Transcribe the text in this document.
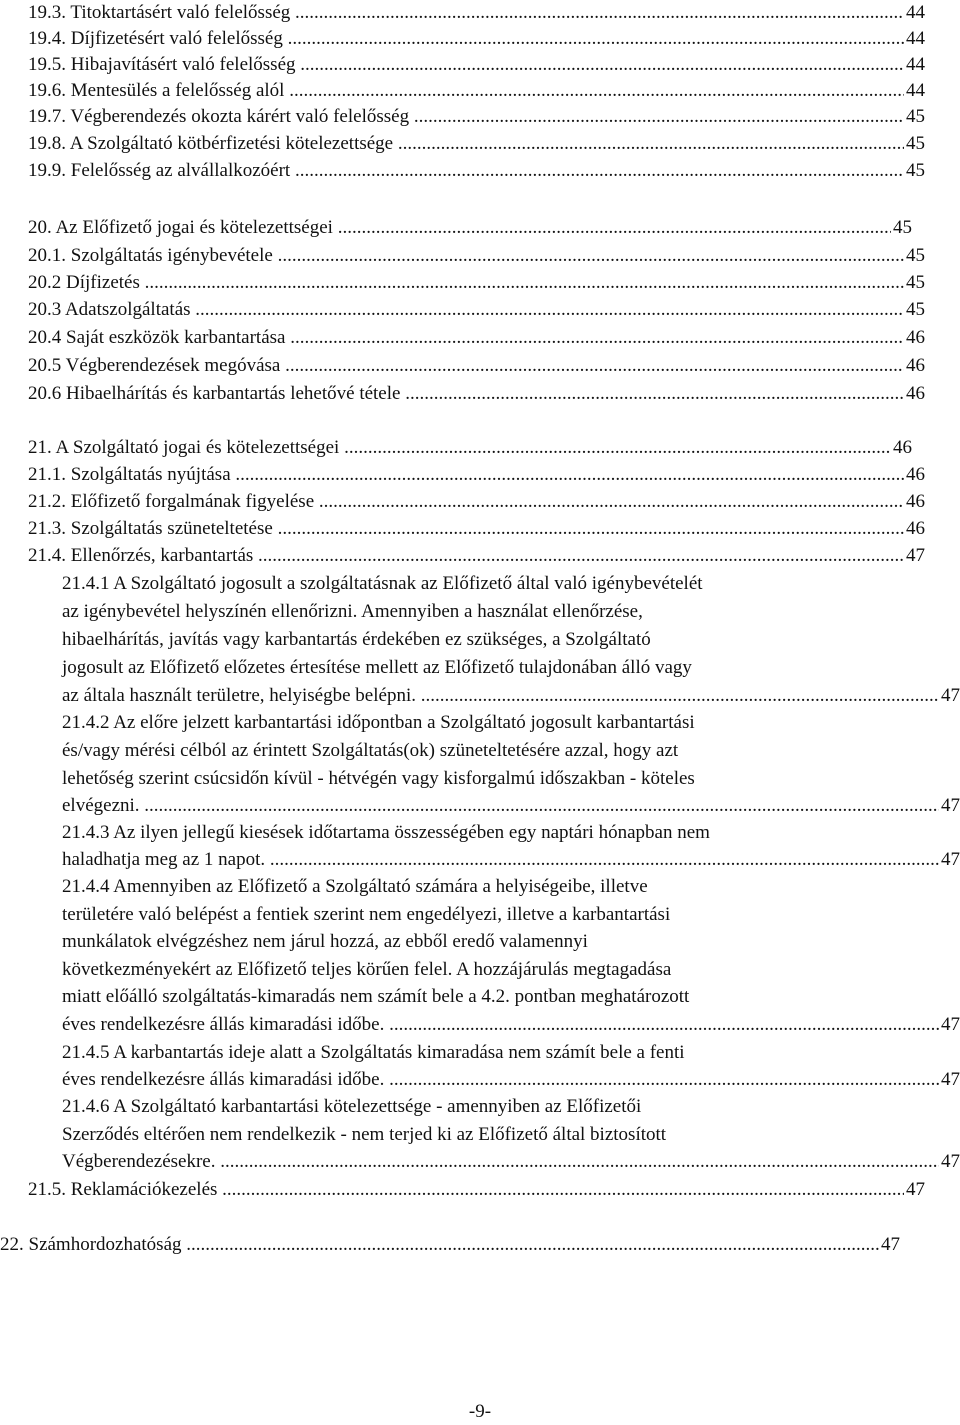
19.3. Titoktartásért való felelősség .....	44
19.4. Díjfizetésért való felelősség .....	44
19.5. Hibajavításért való felelősség .....	44
19.6. Mentesülés a felelősség alól .....	44
19.7. Végberendezés okozta kárért való felelősség .....	45
19.8. A Szolgáltató kötbérfizetési kötelezettsége .....	45
19.9. Felelősség az alvállalkozóért .....	45
20. Az Előfizető jogai és kötelezettségei .....	45
20.1. Szolgáltatás igénybevétele .....	45
20.2 Díjfizetés .....	45
20.3 Adatszolgáltatás .....	45
20.4 Saját eszközök karbantartása .....	46
20.5 Végberendezések megóvása .....	46
20.6 Hibaelhárítás és karbantartás lehetővé tétele .....	46
21. A Szolgáltató jogai és kötelezettségei .....	46
21.1. Szolgáltatás nyújtása .....	46
21.2. Előfizető forgalmának figyelése .....	46
21.3. Szolgáltatás szüneteltetése .....	46
21.4. Ellenőrzés, karbantartás .....	47
21.4.1 A Szolgáltató jogosult a szolgáltatásnak az Előfizető által való igénybevételét
az igénybevétel helyszínén ellenőrizni. Amennyiben a használat ellenőrzése,
hibaelhárítás, javítás vagy karbantartás érdekében ez szükséges, a Szolgáltató
jogosult az Előfizető előzetes értesítése mellett az Előfizető tulajdonában álló vagy
az általa használt területre, helyiségbe belépni. .....	47
21.4.2 Az előre jelzett karbantartási időpontban a Szolgáltató jogosult karbantartási
és/vagy mérési célból az érintett Szolgáltatás(ok) szüneteltetésére azzal, hogy azt
lehetőség szerint csúcsidőn kívül - hétvégén vagy kisforgalmú időszakban - köteles
elvégezni. .....	47
21.4.3 Az ilyen jellegű kiesések időtartama összességében egy naptári hónapban nem
haladhatja meg az 1 napot. .....	47
21.4.4 Amennyiben az Előfizető a Szolgáltató számára a helyiségeibe, illetve
területére való belépést a fentiek szerint nem engedélyezi, illetve a karbantartási
munkálatok elvégzéshez nem járul hozzá, az ebből eredő valamennyi
következményekért az Előfizető teljes körűen felel. A hozzájárulás megtagadása
miatt előálló szolgáltatás-kimaradás nem számít bele a 4.2. pontban meghatározott
éves rendelkezésre állás kimaradási időbe. .....	47
21.4.5 A karbantartás ideje alatt a Szolgáltatás kimaradása nem számít bele a fenti
éves rendelkezésre állás kimaradási időbe. .....	47
21.4.6 A Szolgáltató karbantartási kötelezettsége - amennyiben az Előfizetői
Szerződés eltérően nem rendelkezik - nem terjed ki az Előfizető által biztosított
Végberendezésekre. .....	47
21.5. Reklamációkezelés .....	47
22. Számhordozhatóság .....	47
-9-
